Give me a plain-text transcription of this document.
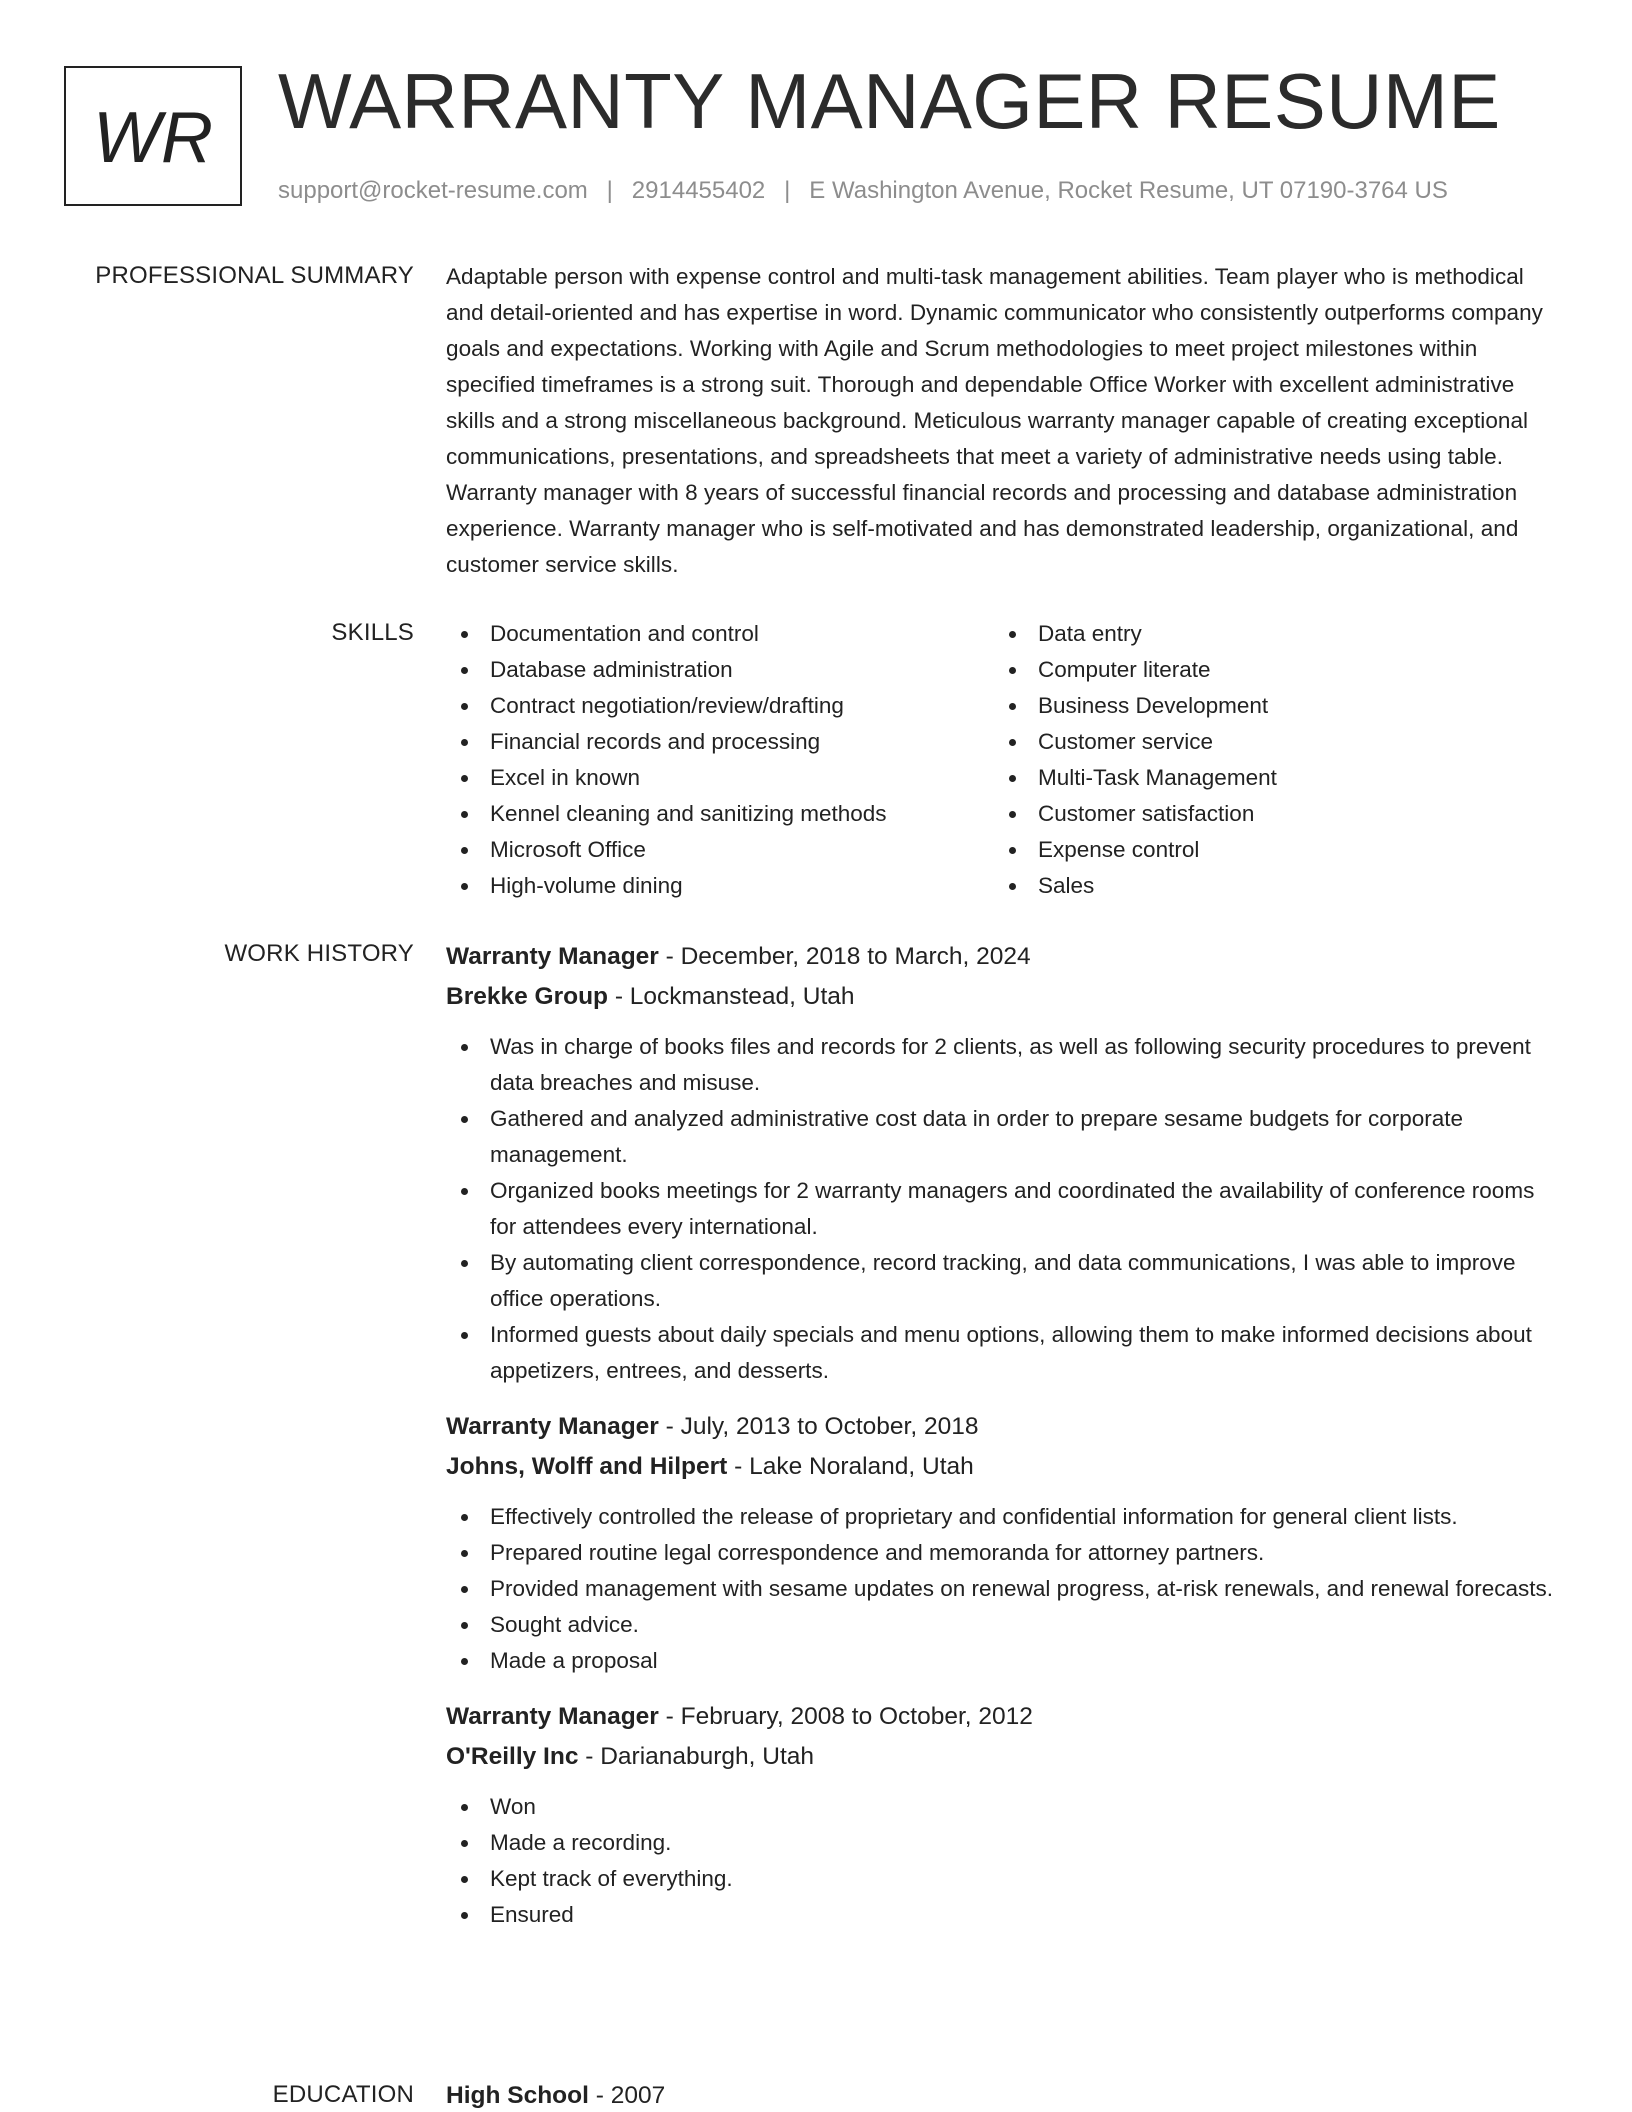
WR WARRANTY MANAGER RESUME
support@rocket-resume.com | 2914455402 | E Washington Avenue, Rocket Resume, UT 07190-3764 US
PROFESSIONAL SUMMARY Adaptable person with expense control and multi-task management abilities. Team player who is methodical and detail-oriented and has expertise in word. Dynamic communicator who consistently outperforms company goals and expectations. Working with Agile and Scrum methodologies to meet project milestones within specified timeframes is a strong suit. Thorough and dependable Office Worker with excellent administrative skills and a strong miscellaneous background. Meticulous warranty manager capable of creating exceptional communications, presentations, and spreadsheets that meet a variety of administrative needs using table. Warranty manager with 8 years of successful financial records and processing and database administration experience. Warranty manager who is self-motivated and has demonstrated leadership, organizational, and customer service skills.
SKILLS	Documentation and control
Database administration
Contract negotiation/review/drafting
Financial records and processing
Excel in known
Kennel cleaning and sanitizing methods
Microsoft Office
High-volume dining
Data entry
Computer literate
Business Development
Customer service
Multi-Task Management
Customer satisfaction
Expense control
Sales
WORK HISTORY Warranty Manager - December, 2018 to March, 2024
Brekke Group - Lockmanstead, Utah
Was in charge of books files and records for 2 clients, as well as following security procedures to prevent data breaches and misuse.
Gathered and analyzed administrative cost data in order to prepare sesame budgets for corporate management.
Organized books meetings for 2 warranty managers and coordinated the availability of conference rooms for attendees every international.
By automating client correspondence, record tracking, and data communications, I was able to improve office operations.
Informed guests about daily specials and menu options, allowing them to make informed decisions about appetizers, entrees, and desserts.
Warranty Manager - July, 2013 to October, 2018
Johns, Wolff and Hilpert - Lake Noraland, Utah
Effectively controlled the release of proprietary and confidential information for general client lists.
Prepared routine legal correspondence and memoranda for attorney partners.
Provided management with sesame updates on renewal progress, at-risk renewals, and renewal forecasts.
Sought advice.
Made a proposal
Warranty Manager - February, 2008 to October, 2012
O'Reilly Inc - Darianaburgh, Utah
Won
Made a recording.
Kept track of everything.
Ensured
EDUCATION High School - 2007
